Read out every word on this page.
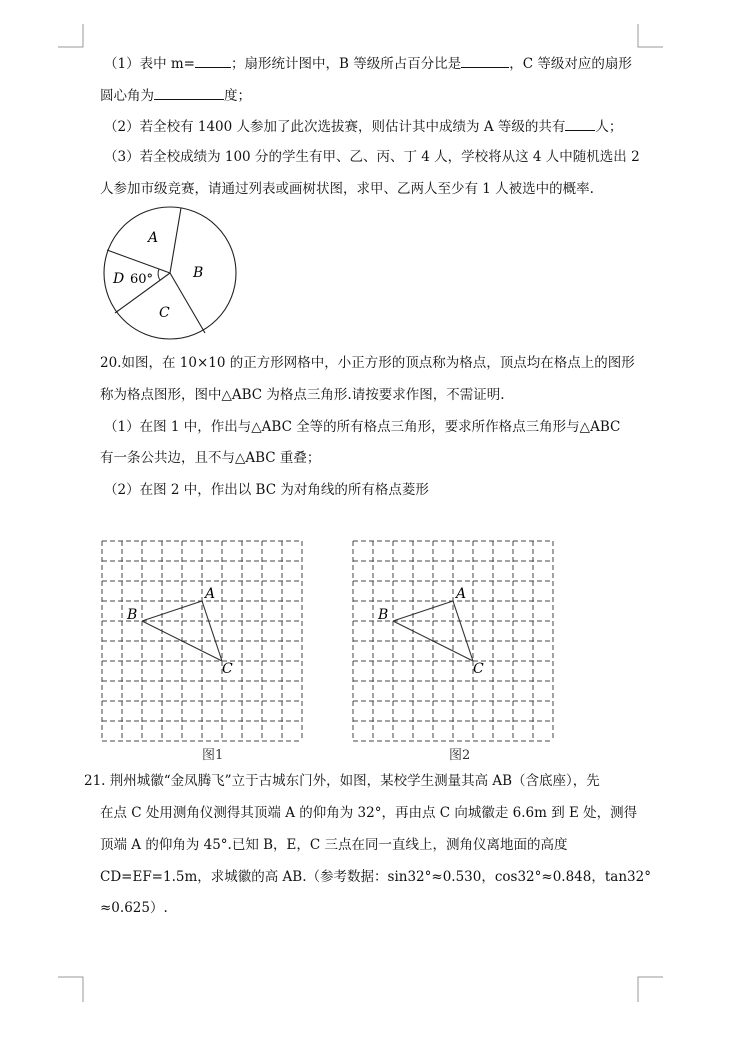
（1）表中 m=	；扇形统计图中，B 等级所占百分比是	，C 等级对应的扇形
圆心角为	度；
（2）若全校有 1400 人参加了此次选拔赛，则估计其中成绩为 A 等级的共有 人；
（3）若全校成绩为 100 分的学生有甲、乙、丙、丁 4 人，学校将从这 4 人中随机选出 2
人参加市级竞赛，请通过列表或画树状图，求甲、乙两人至少有 1 人被选中的概率.
A
B
C
D 60°
20.如图，在 10×10 的正方形网格中，小正方形的顶点称为格点，顶点均在格点上的图形
称为格点图形，图中△ABC 为格点三角形.请按要求作图，不需证明.
（1）在图 1 中，作出与△ABC 全等的所有格点三角形，要求所作格点三角形与△ABC
有一条公共边，且不与△ABC 重叠；
（2）在图 2 中，作出以 BC 为对角线的所有格点菱形
A
B
C
图1
A
B
C
图2
21. 荆州城徽“金凤腾飞”立于古城东门外，如图，某校学生测量其高 AB（含底座），先
在点 C 处用测角仪测得其顶端 A 的仰角为 32°，再由点 C 向城徽走 6.6m 到 E 处，测得
顶端 A 的仰角为 45°.已知 B，E，C 三点在同一直线上，测角仪离地面的高度
CD=EF=1.5m，求城徽的高 AB.（参考数据：sin32°≈0.530，cos32°≈0.848，tan32°
≈0.625）.
